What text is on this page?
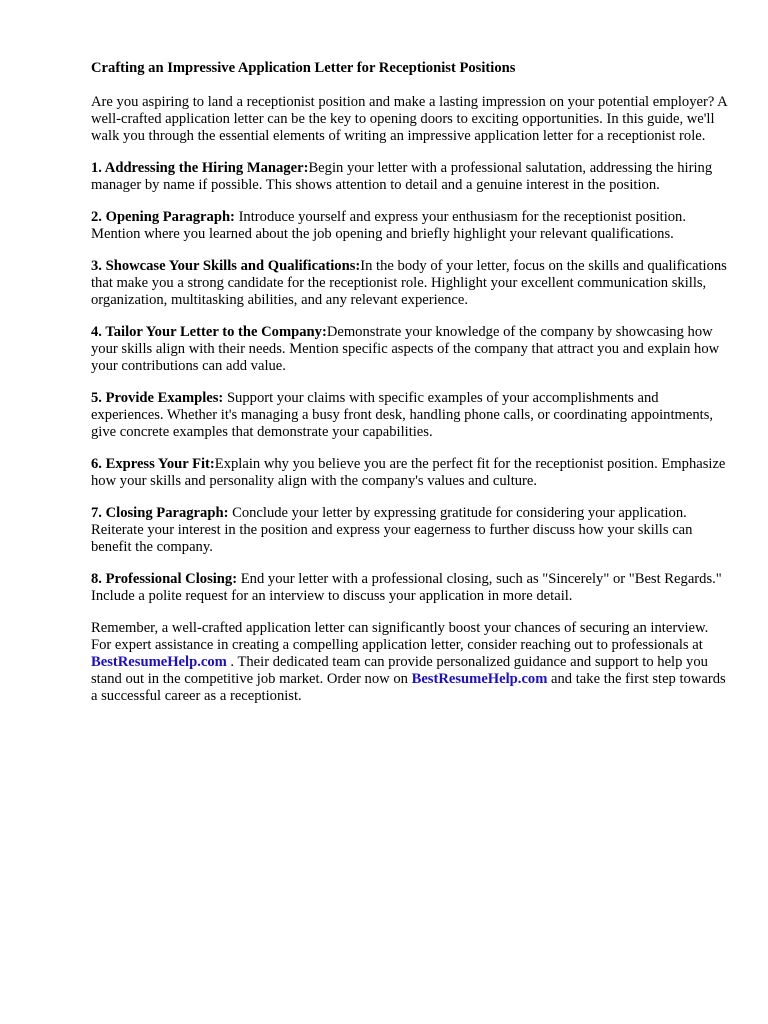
Crafting an Impressive Application Letter for Receptionist Positions

Are you aspiring to land a receptionist position and make a lasting impression on your potential employer? A well-crafted application letter can be the key to opening doors to exciting opportunities. In this guide, we'll walk you through the essential elements of writing an impressive application letter for a receptionist role.

1. Addressing the Hiring Manager:Begin your letter with a professional salutation, addressing the hiring manager by name if possible. This shows attention to detail and a genuine interest in the position.

2. Opening Paragraph: Introduce yourself and express your enthusiasm for the receptionist position. Mention where you learned about the job opening and briefly highlight your relevant qualifications.

3. Showcase Your Skills and Qualifications:In the body of your letter, focus on the skills and qualifications that make you a strong candidate for the receptionist role. Highlight your excellent communication skills, organization, multitasking abilities, and any relevant experience.

4. Tailor Your Letter to the Company:Demonstrate your knowledge of the company by showcasing how your skills align with their needs. Mention specific aspects of the company that attract you and explain how your contributions can add value.

5. Provide Examples: Support your claims with specific examples of your accomplishments and experiences. Whether it's managing a busy front desk, handling phone calls, or coordinating appointments, give concrete examples that demonstrate your capabilities.

6. Express Your Fit:Explain why you believe you are the perfect fit for the receptionist position. Emphasize how your skills and personality align with the company's values and culture.

7. Closing Paragraph: Conclude your letter by expressing gratitude for considering your application. Reiterate your interest in the position and express your eagerness to further discuss how your skills can benefit the company.

8. Professional Closing: End your letter with a professional closing, such as "Sincerely" or "Best Regards." Include a polite request for an interview to discuss your application in more detail.

Remember, a well-crafted application letter can significantly boost your chances of securing an interview. For expert assistance in creating a compelling application letter, consider reaching out to professionals at BestResumeHelp.com . Their dedicated team can provide personalized guidance and support to help you stand out in the competitive job market. Order now on BestResumeHelp.com and take the first step towards a successful career as a receptionist.
